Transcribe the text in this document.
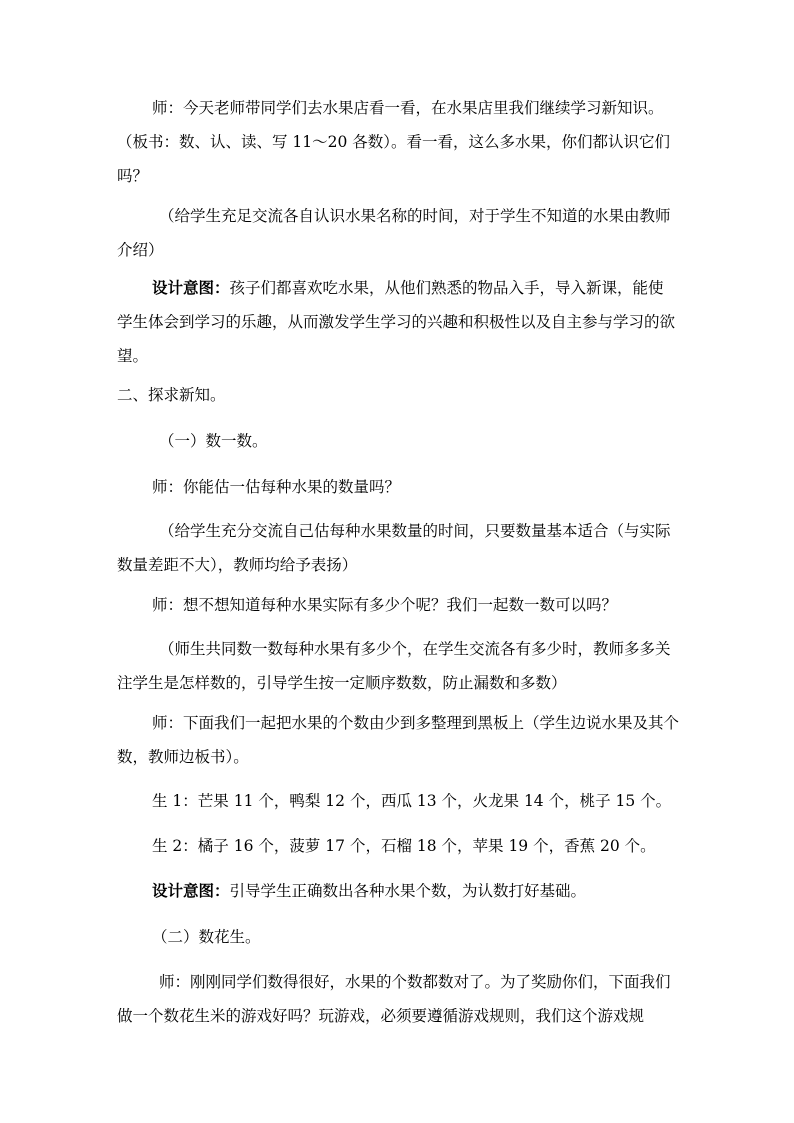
师：今天老师带同学们去水果店看一看，在水果店里我们继续学习新知识。（板书：数、认、读、写 11～20 各数）。看一看，这么多水果，你们都认识它们吗？

（给学生充足交流各自认识水果名称的时间，对于学生不知道的水果由教师介绍）

设计意图：孩子们都喜欢吃水果，从他们熟悉的物品入手，导入新课，能使学生体会到学习的乐趣，从而激发学生学习的兴趣和积极性以及自主参与学习的欲望。

二、探求新知。

（一）数一数。

师：你能估一估每种水果的数量吗？

（给学生充分交流自己估每种水果数量的时间，只要数量基本适合（与实际数量差距不大），教师均给予表扬）

师：想不想知道每种水果实际有多少个呢？我们一起数一数可以吗？

（师生共同数一数每种水果有多少个，在学生交流各有多少时，教师多多关注学生是怎样数的，引导学生按一定顺序数数，防止漏数和多数）

师：下面我们一起把水果的个数由少到多整理到黑板上（学生边说水果及其个数，教师边板书）。

生 1：芒果 11 个，鸭梨 12 个，西瓜 13 个，火龙果 14 个，桃子 15 个。

生 2：橘子 16 个，菠萝 17 个，石榴 18 个，苹果 19 个，香蕉 20 个。

设计意图：引导学生正确数出各种水果个数，为认数打好基础。

（二）数花生。

师：刚刚同学们数得很好，水果的个数都数对了。为了奖励你们，下面我们做一个数花生米的游戏好吗？玩游戏，必须要遵循游戏规则，我们这个游戏规
